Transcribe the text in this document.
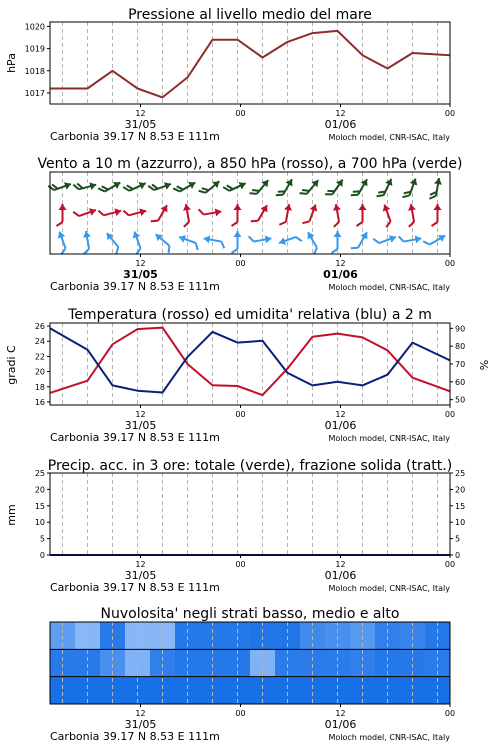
Pressione al livello medio del mare
hPa
1017
1018
1019
1020
12	00	12	00
31/05	01/06
Carbonia 39.17 N 8.53 E 111m	Moloch model, CNR-ISAC, Italy
Vento a 10 m (azzurro), a 850 hPa (rosso), a 700 hPa (verde)
12	00	12	00
31/05	01/06
Carbonia 39.17 N 8.53 E 111m	Moloch model, CNR-ISAC, Italy
Temperatura (rosso) ed umidita' relativa (blu) a 2 m
gradi C	%
16
18
20
22
24
26
50
60
70
80
90
12	00	12	00
31/05	01/06
Carbonia 39.17 N 8.53 E 111m	Moloch model, CNR-ISAC, Italy
Precip. acc. in 3 ore: totale (verde), frazione solida (tratt.)
mm
0
5
10
15
20
25
0
5
10
15
20
25
12	00	12	00
31/05	01/06
Carbonia 39.17 N 8.53 E 111m	Moloch model, CNR-ISAC, Italy
Nuvolosita' negli strati basso, medio e alto
12	00	12	00
31/05	01/06
Carbonia 39.17 N 8.53 E 111m	Moloch model, CNR-ISAC, Italy
